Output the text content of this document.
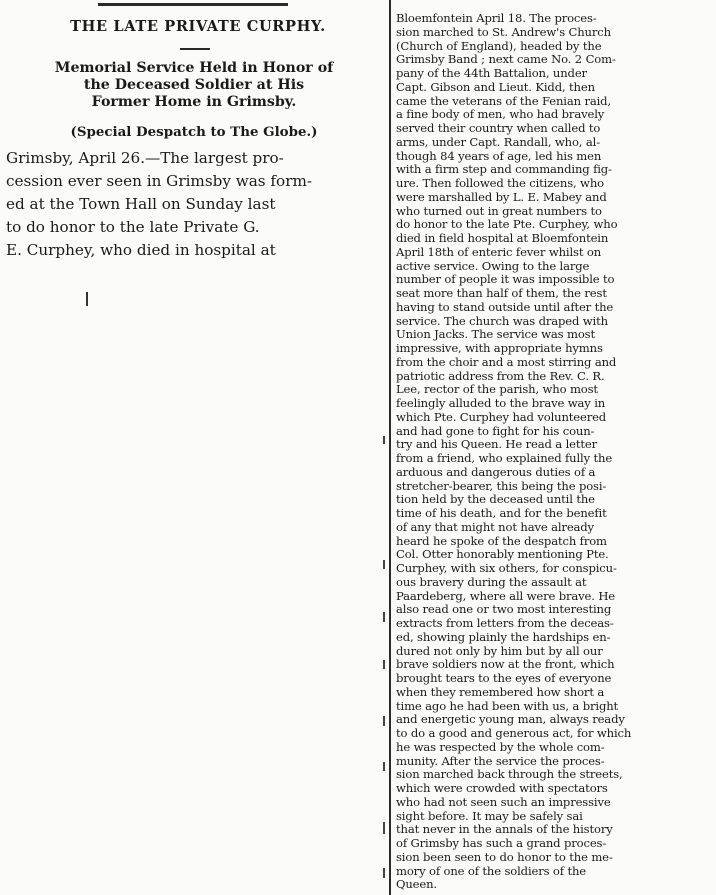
THE LATE PRIVATE CURPHY.
Memorial Service Held in Honor of
the Deceased Soldier at His
Former Home in Grimsby.
(Special Despatch to The Globe.)
Grimsby, April 26.—The largest pro-
cession ever seen in Grimsby was form-
ed at the Town Hall on Sunday last
to do honor to the late Private G.
E. Curphey, who died in hospital at
Bloemfontein April 18. The proces-
sion marched to St. Andrew's Church
(Church of England), headed by the
Grimsby Band ; next came No. 2 Com-
pany of the 44th Battalion, under
Capt. Gibson and Lieut. Kidd, then
came the veterans of the Fenian raid,
a fine body of men, who had bravely
served their country when called to
arms, under Capt. Randall, who, al-
though 84 years of age, led his men
with a firm step and commanding fig-
ure. Then followed the citizens, who
were marshalled by L. E. Mabey and
who turned out in great numbers to
do honor to the late Pte. Curphey, who
died in field hospital at Bloemfontein
April 18th of enteric fever whilst on
active service. Owing to the large
number of people it was impossible to
seat more than half of them, the rest
having to stand outside until after the
service. The church was draped with
Union Jacks. The service was most
impressive, with appropriate hymns
from the choir and a most stirring and
patriotic address from the Rev. C. R.
Lee, rector of the parish, who most
feelingly alluded to the brave way in
which Pte. Curphey had volunteered
and had gone to fight for his coun-
try and his Queen. He read a letter
from a friend, who explained fully the
arduous and dangerous duties of a
stretcher-bearer, this being the posi-
tion held by the deceased until the
time of his death, and for the benefit
of any that might not have already
heard he spoke of the despatch from
Col. Otter honorably mentioning Pte.
Curphey, with six others, for conspicu-
ous bravery during the assault at
Paardeberg, where all were brave. He
also read one or two most interesting
extracts from letters from the deceas-
ed, showing plainly the hardships en-
dured not only by him but by all our
brave soldiers now at the front, which
brought tears to the eyes of everyone
when they remembered how short a
time ago he had been with us, a bright
and energetic young man, always ready
to do a good and generous act, for which
he was respected by the whole com-
munity. After the service the proces-
sion marched back through the streets,
which were crowded with spectators
who had not seen such an impressive
sight before. It may be safely sai
that never in the annals of the history
of Grimsby has such a grand proces-
sion been seen to do honor to the me-
mory of one of the soldiers of the
Queen.
